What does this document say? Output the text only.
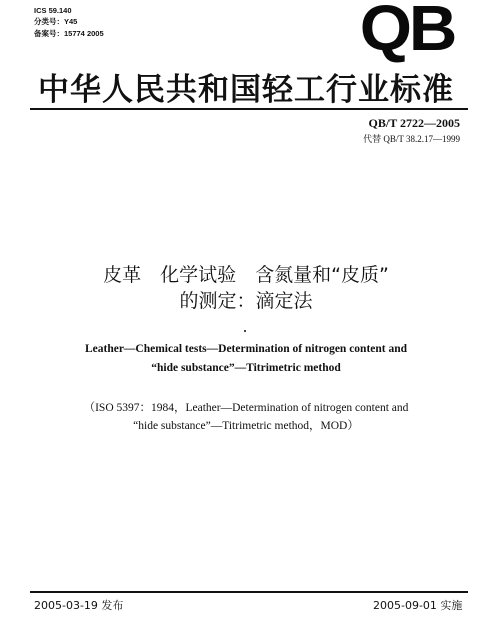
ICS 59.140
分类号：Y45
备案号：15774 2005	QB
中华人民共和国轻工行业标准
QB/T 2722—2005
代替 QB/T 38.2.17—1999
皮革　化学试验　含氮量和“皮质”
的测定：滴定法
Leather—Chemical tests—Determination of nitrogen content and
“hide substance”—Titrimetric method
（ISO 5397：1984，Leather—Determination of nitrogen content and
“hide substance”—Titrimetric method，MOD）
2005-03-19 发布	2005-09-01 实施
